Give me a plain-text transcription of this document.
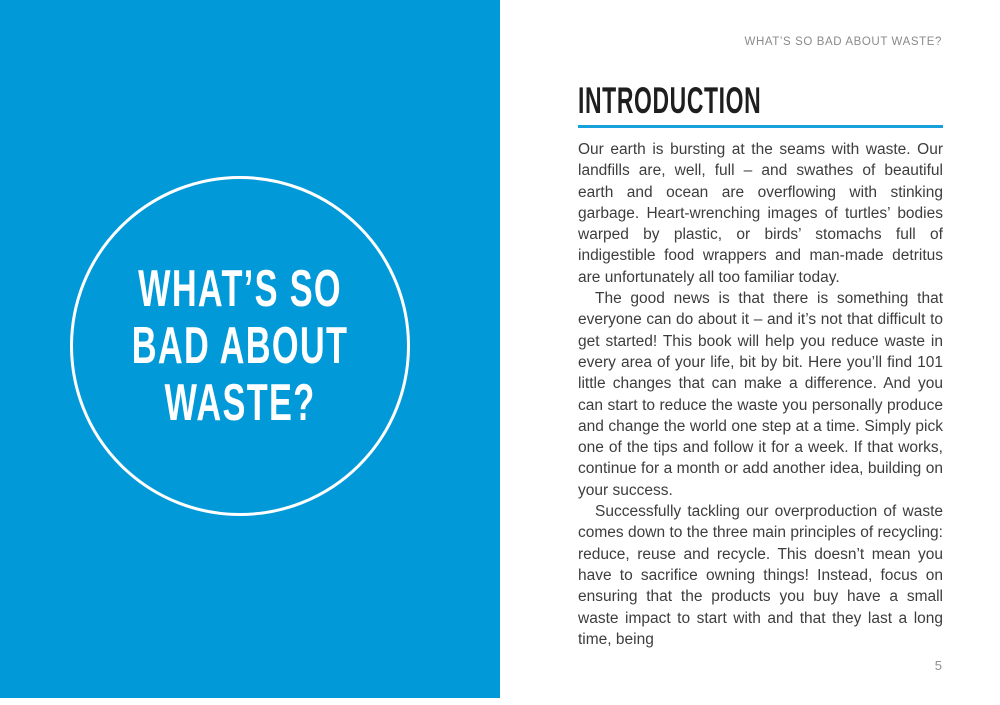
WHAT’S SO
BAD ABOUT
WASTE?
WHAT’S SO BAD ABOUT WASTE?
INTRODUCTION

Our earth is bursting at the seams with waste. Our landfills are, well, full – and swathes of beautiful earth and ocean are overflowing with stinking garbage. Heart-wrenching images of turtles’ bodies warped by plastic, or birds’ stomachs full of indigestible food wrappers and man-made detritus are unfortunately all too familiar today.

The good news is that there is something that everyone can do about it – and it’s not that difficult to get started! This book will help you reduce waste in every area of your life, bit by bit. Here you’ll find 101 little changes that can make a difference. And you can start to reduce the waste you personally produce and change the world one step at a time. Simply pick one of the tips and follow it for a week. If that works, continue for a month or add another idea, building on your success.

Successfully tackling our overproduction of waste comes down to the three main principles of recycling: reduce, reuse and recycle. This doesn’t mean you have to sacrifice owning things! Instead, focus on ensuring that the products you buy have a small waste impact to start with and that they last a long time, being

5
